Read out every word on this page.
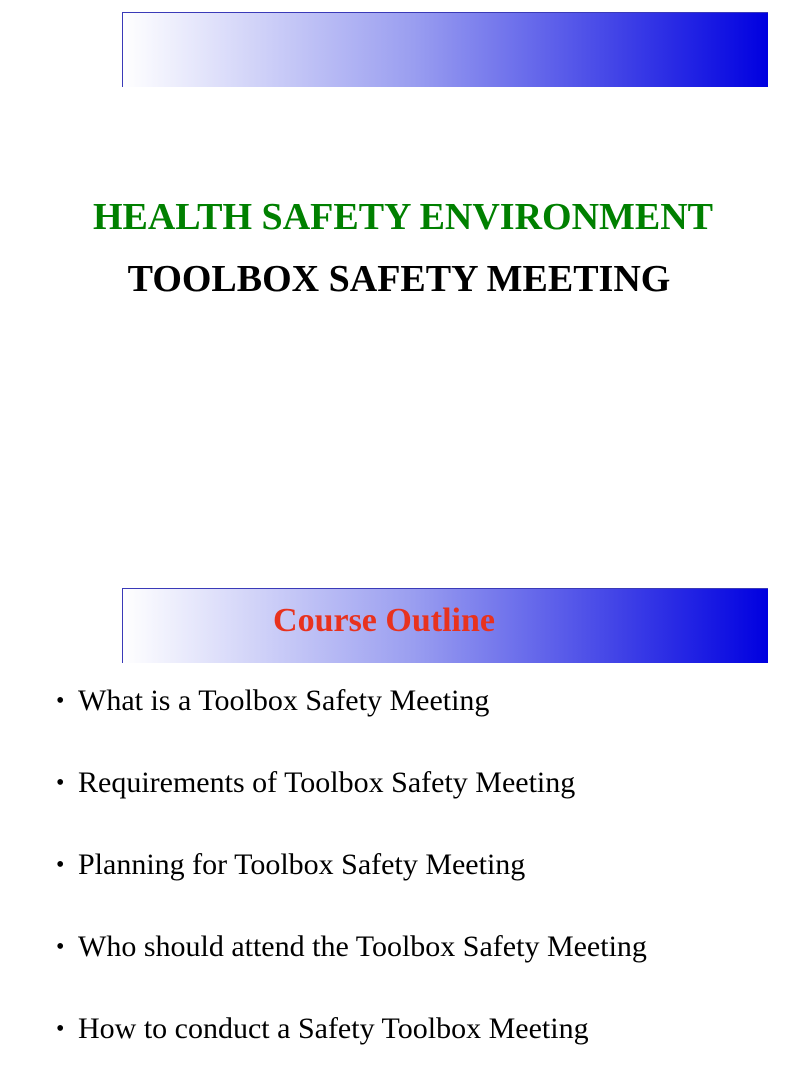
HEALTH SAFETY ENVIRONMENT
TOOLBOX SAFETY MEETING
Course Outline
• What is a Toolbox Safety Meeting
• Requirements of Toolbox Safety Meeting
• Planning for Toolbox Safety Meeting
• Who should attend the Toolbox Safety Meeting
• How to conduct a Safety Toolbox Meeting
